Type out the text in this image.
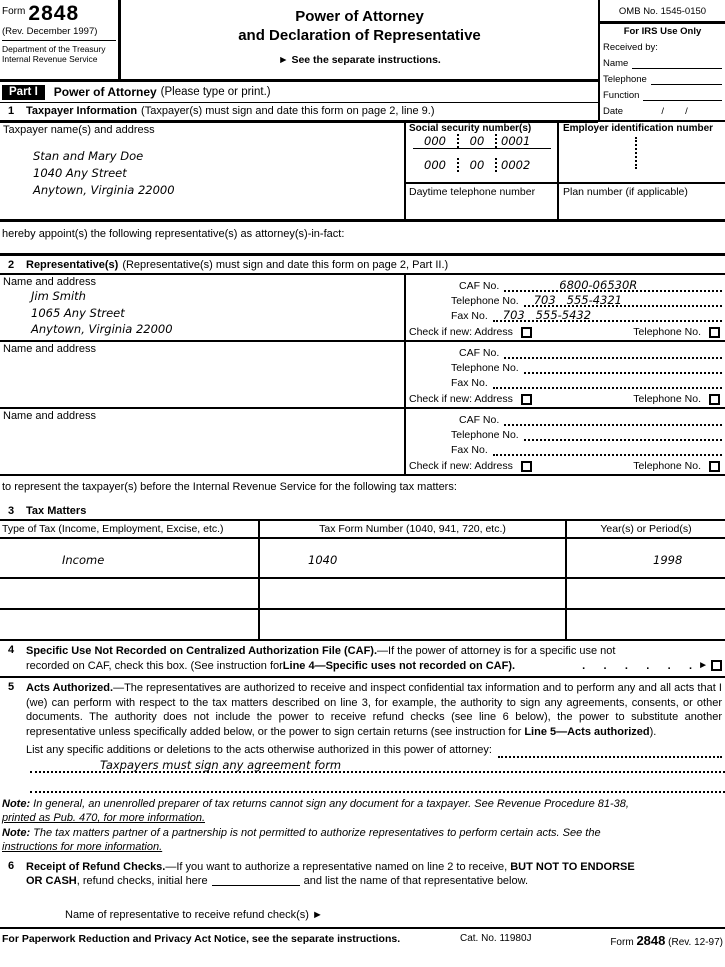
Form 2848
(Rev. December 1997)
Department of the Treasury
Internal Revenue Service
Power of Attorney
and Declaration of Representative
► See the separate instructions.
Part I	Power of Attorney (Please type or print.)
1	Taxpayer Information (Taxpayer(s) must sign and date this form on page 2, line 9.)
OMB No. 1545-0150
For IRS Use Only
Received by:
Name
Telephone
Function
Date	/        /
Taxpayer name(s) and address
Stan and Mary Doe
1040 Any Street
Anytown, Virginia 22000
Social security number(s)
000	00	0001
000	00	0002
Employer identification number
Daytime telephone number	Plan number (if applicable)
hereby appoint(s) the following representative(s) as attorney(s)-in-fact:
2	Representative(s) (Representative(s) must sign and date this form on page 2, Part II.)
Name and address
Jim Smith
1065 Any Street
Anytown, Virginia 22000
CAF No.	6800-06530R
Telephone No.	703   555-4321
Fax No.	703   555-5432
Check if new: Address	Telephone No.
Name and address	CAF No.
Telephone No.
Fax No.
Check if new: Address	Telephone No.
Name and address	CAF No.
Telephone No.
Fax No.
Check if new: Address	Telephone No.
to represent the taxpayer(s) before the Internal Revenue Service for the following tax matters:
3	Tax Matters
Type of Tax (Income, Employment, Excise, etc.)	Tax Form Number (1040, 941, 720, etc.)	Year(s) or Period(s)
Income	1040	1998
4	Specific Use Not Recorded on Centralized Authorization File (CAF).—If the power of attorney is for a specific use not
recorded on CAF, check this box. (See instruction for Line 4—Specific uses not recorded on CAF).	.      .      .      .      .      . ►
5	Acts Authorized.—The representatives are authorized to receive and inspect confidential tax information and to perform any and all acts that I (we) can perform with respect to the tax matters described on line 3, for example, the authority to sign any agreements, consents, or other documents. The authority does not include the power to receive refund checks (see line 6 below), the power to substitute another representative unless specifically added below, or the power to sign certain returns (see instruction for Line 5—Acts authorized).
List any specific additions or deletions to the acts otherwise authorized in this power of attorney:
Taxpayers must sign any agreement form
Note: In general, an unenrolled preparer of tax returns cannot sign any document for a taxpayer. See Revenue Procedure 81-38,
printed as Pub. 470, for more information.
Note: The tax matters partner of a partnership is not permitted to authorize representatives to perform certain acts. See the
instructions for more information.
6	Receipt of Refund Checks.—If you want to authorize a representative named on line 2 to receive, BUT NOT TO ENDORSE
OR CASH, refund checks, initial here	and list the name of that representative below.
Name of representative to receive refund check(s) ►
For Paperwork Reduction and Privacy Act Notice, see the separate instructions.	Cat. No. 11980J	Form 2848 (Rev. 12-97)
